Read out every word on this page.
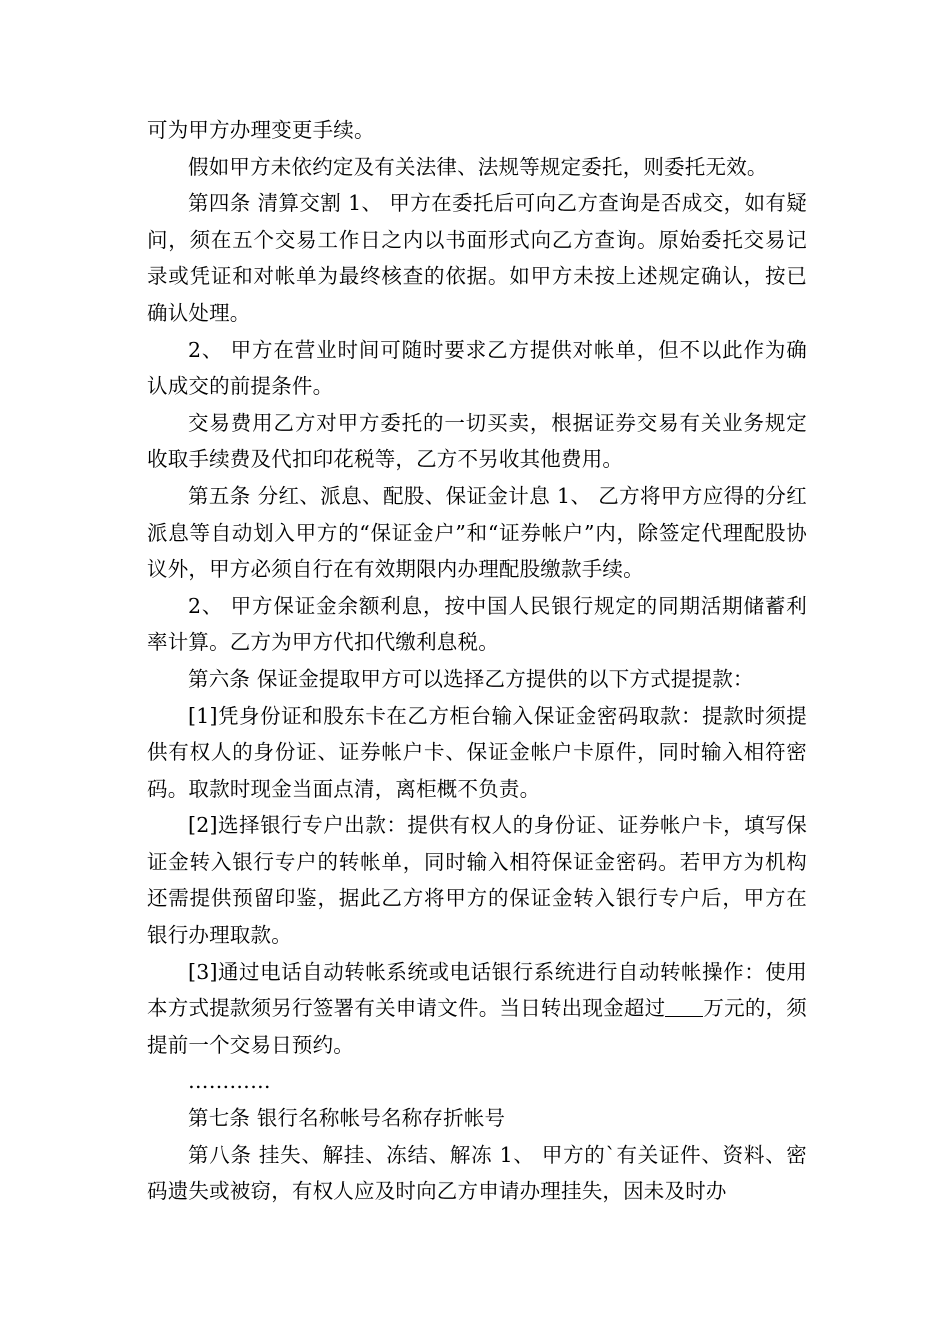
可为甲方办理变更手续。

假如甲方未依约定及有关法律、法规等规定委托，则委托无效。

第四条 清算交割 1、 甲方在委托后可向乙方查询是否成交，如有疑问，须在五个交易工作日之内以书面形式向乙方查询。原始委托交易记录或凭证和对帐单为最终核查的依据。如甲方未按上述规定确认，按已确认处理。

2、 甲方在营业时间可随时要求乙方提供对帐单，但不以此作为确认成交的前提条件。

交易费用乙方对甲方委托的一切买卖，根据证券交易有关业务规定收取手续费及代扣印花税等，乙方不另收其他费用。

第五条 分红、派息、配股、保证金计息 1、 乙方将甲方应得的分红派息等自动划入甲方的“保证金户”和“证券帐户”内，除签定代理配股协议外，甲方必须自行在有效期限内办理配股缴款手续。

2、 甲方保证金余额利息，按中国人民银行规定的同期活期储蓄利率计算。乙方为甲方代扣代缴利息税。

第六条 保证金提取甲方可以选择乙方提供的以下方式提提款：

[1]凭身份证和股东卡在乙方柜台输入保证金密码取款：提款时须提供有权人的身份证、证券帐户卡、保证金帐户卡原件，同时输入相符密码。取款时现金当面点清，离柜概不负责。

[2]选择银行专户出款：提供有权人的身份证、证券帐户卡，填写保证金转入银行专户的转帐单，同时输入相符保证金密码。若甲方为机构还需提供预留印鉴，据此乙方将甲方的保证金转入银行专户后，甲方在银行办理取款。

[3]通过电话自动转帐系统或电话银行系统进行自动转帐操作：使用本方式提款须另行签署有关申请文件。当日转出现金超过 万元的，须提前一个交易日预约。

…………

第七条 银行名称帐号名称存折帐号

第八条 挂失、解挂、冻结、解冻 1、 甲方的`有关证件、资料、密码遗失或被窃，有权人应及时向乙方申请办理挂失，因未及时办
